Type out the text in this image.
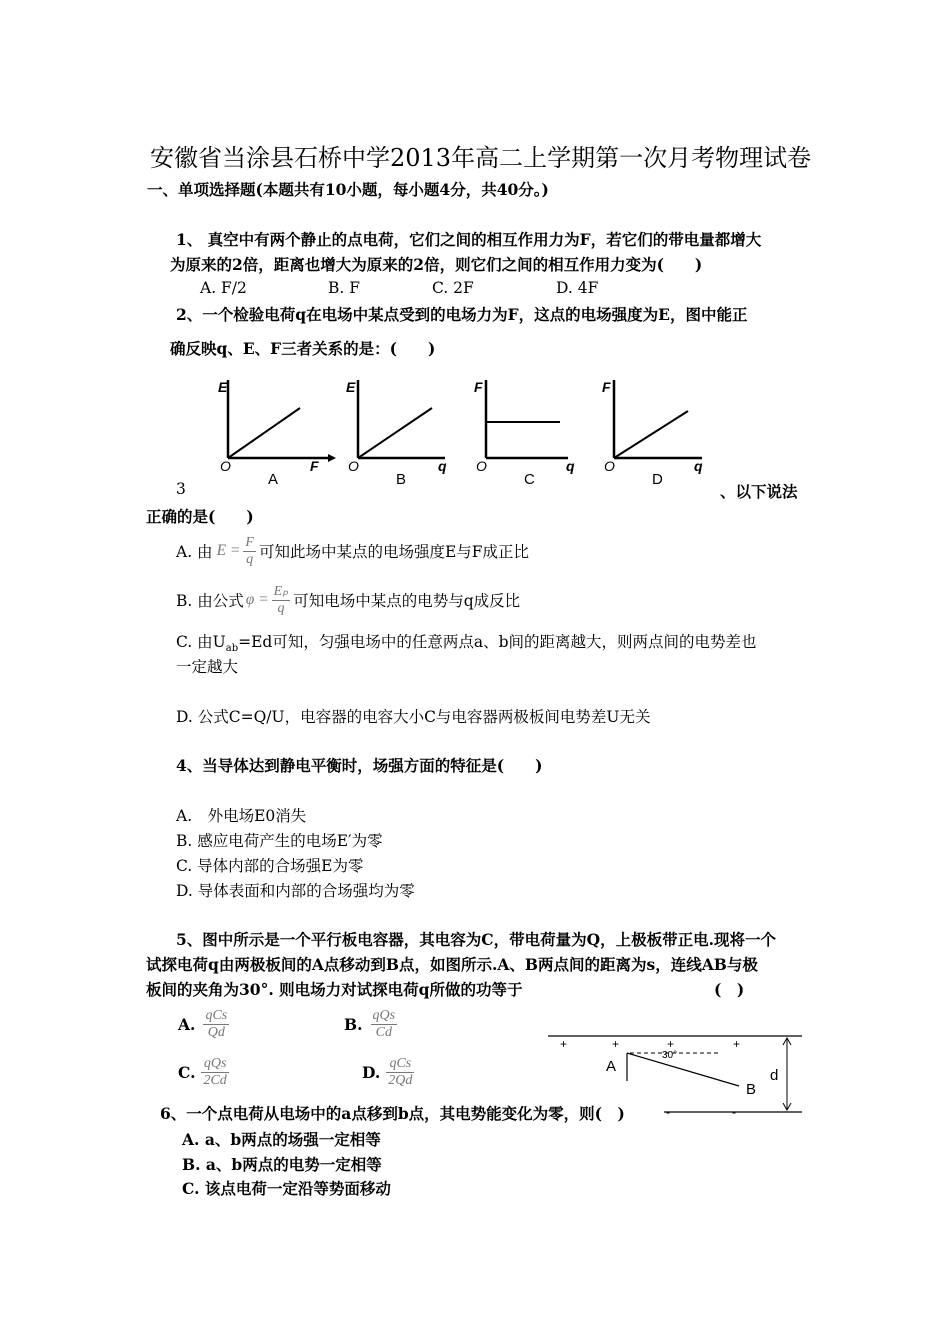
安徽省当涂县石桥中学2013年高二上学期第一次月考物理试卷
一、单项选择题(本题共有10小题，每小题4分，共40分。)
1、 真空中有两个静止的点电荷，它们之间的相互作用力为F，若它们的带电量都增大
为原来的2倍，距离也增大为原来的2倍，则它们之间的相互作用力变为(　　)
A. F/2	B. F	C. 2F	D. 4F
2、一个检验电荷q在电场中某点受到的电场力为F，这点的电场强度为E，图中能正
确反映q、E、F三者关系的是：(　　)
E
O	F
A
E
O	q
B
F
O	q
C
F
O	q
D
3	、以下说法
正确的是(　　)
A. 由 $E = \frac{F}{q}$ 可知此场中某点的电场强度E与F成正比
B. 由公式 $\varphi = \frac{\text{Eₚ}}{q}$ 可知电场中某点的电势与q成反比
C. 由$U_{ab}=Ed$可知，匀强电场中的任意两点a、b间的距离越大，则两点间的电势差也
一定越大
D. 公式C=Q/U，电容器的电容大小C与电容器两极板间电势差U无关
4、当导体达到静电平衡时，场强方面的特征是(　　)
A.　外电场E0消失
B. 感应电荷产生的电场E′为零
C. 导体内部的合场强E为零
D. 导体表面和内部的合场强均为零
5、图中所示是一个平行板电容器，其电容为C，带电荷量为Q，上极板带正电.现将一个
试探电荷q由两极板间的A点移动到B点，如图所示.A、B两点间的距离为s，连线AB与极
板间的夹角为30°. 则电场力对试探电荷q所做的功等于	(　)
A. $\frac{\text{qCs}}{Qd}$	B. $\frac{\text{qQs}}{Cd}$
C. $\frac{\text{qQs}}{2Cd}$	D. $\frac{\text{qCs}}{2Qd}$
+	+	+	+
-	-
30°
A
B
d
6、一个点电荷从电场中的a点移到b点，其电势能变化为零，则(　)
A. a、b两点的场强一定相等
B. a、b两点的电势一定相等
C. 该点电荷一定沿等势面移动
